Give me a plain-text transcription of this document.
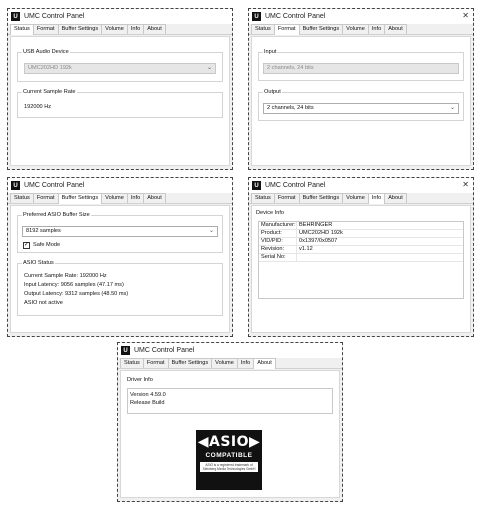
U UMC Control Panel
Status	Format	Buffer Settings	Volume	Info	About
USB Audio Device
UMC202HD 192k	⌄
Current Sample Rate
192000 Hz
U UMC Control Panel	✕
Status	Format	Buffer Settings	Volume	Info	About
Input
2 channels, 24 bits
Output
2 channels, 24 bits	⌄
U UMC Control Panel
Status	Format	Buffer Settings	Volume	Info	About
Preferred ASIO Buffer Size
8192 samples	⌄
✓ Safe Mode
ASIO Status
Current Sample Rate: 192000 Hz
Input Latency: 9056 samples (47.17 ms)
Output Latency: 9312 samples (48.50 ms)
ASIO not active
U UMC Control Panel	✕
Status	Format	Buffer Settings	Volume	Info	About
Device Info
Manufacturer: BEHRINGER
Product:	UMC202HD 192k
VID/PID:	0x1397/0x0507
Revision:	v1.12
Serial No:
U UMC Control Panel
Status	Format	Buffer Settings	Volume	Info	About
Driver Info
Version 4.59.0
Release Build
◀ASIO▶
COMPATIBLE
ASIO is a registered trademark of
Steinberg Media Technologies GmbH
